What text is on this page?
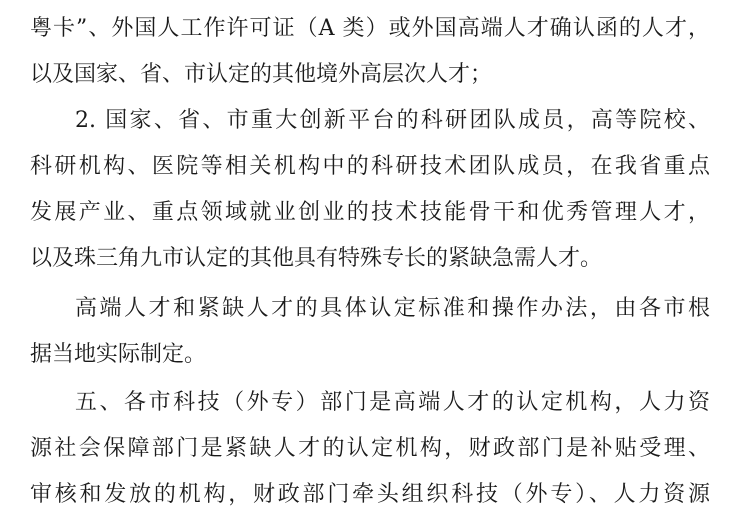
粤卡”、外国人工作许可证（A 类）或外国高端人才确认函的人才，
以及国家、省、市认定的其他境外高层次人才；
2. 国家、省、市重大创新平台的科研团队成员，高等院校、
科研机构、医院等相关机构中的科研技术团队成员，在我省重点
发展产业、重点领域就业创业的技术技能骨干和优秀管理人才，
以及珠三角九市认定的其他具有特殊专长的紧缺急需人才。
高端人才和紧缺人才的具体认定标准和操作办法，由各市根
据当地实际制定。
五、各市科技（外专）部门是高端人才的认定机构，人力资
源社会保障部门是紧缺人才的认定机构，财政部门是补贴受理、
审核和发放的机构，财政部门牵头组织科技（外专）、人力资源
